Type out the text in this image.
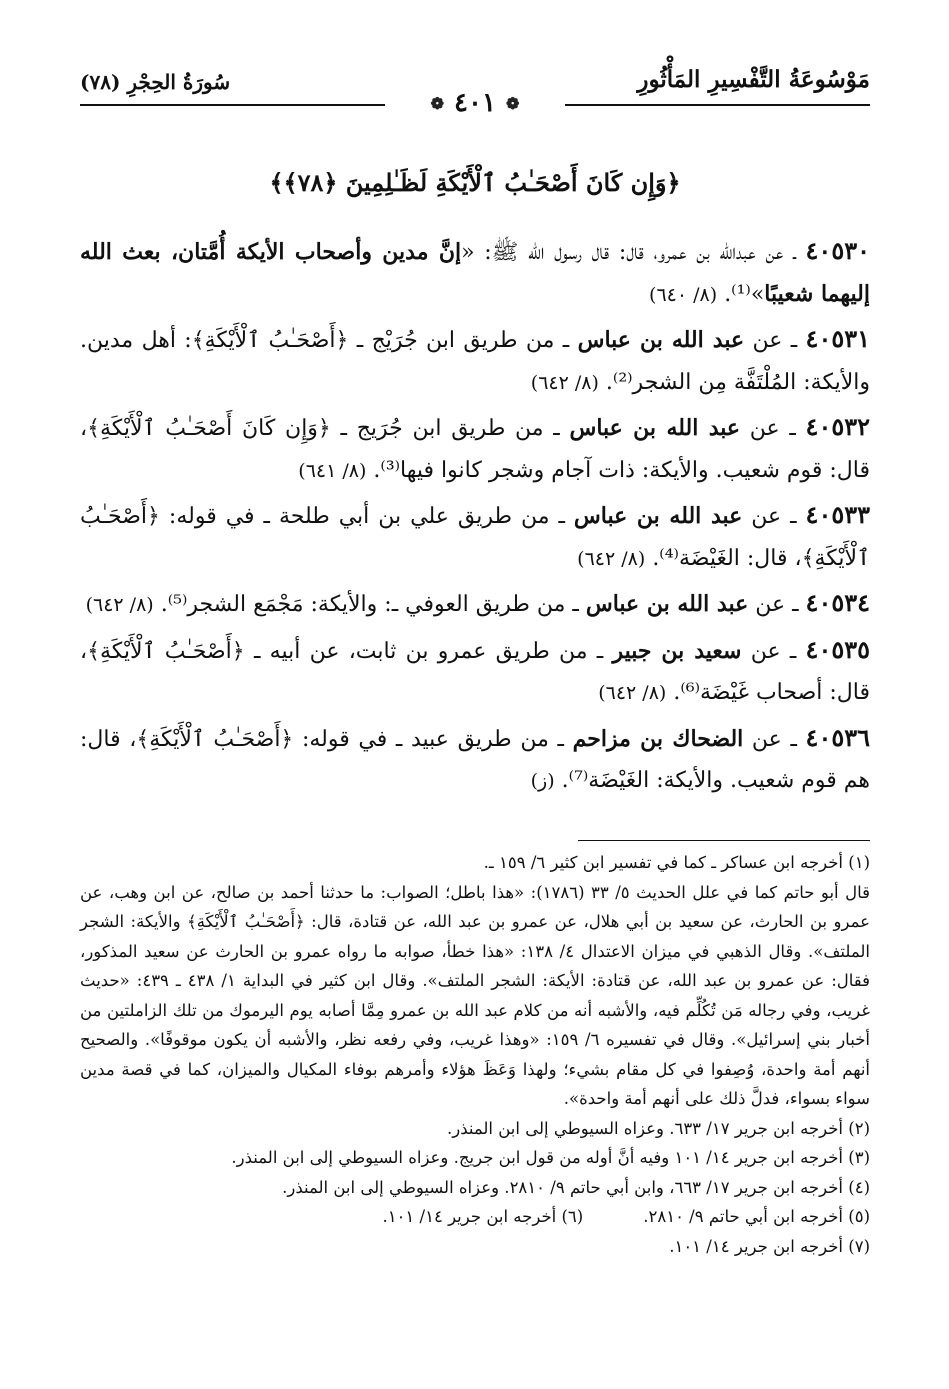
مَوْسُوعَةُ التَّفْسِيرِ المَأْثُورِ
❁
٤٠١
❁
سُورَةُ الحِجْرِ (٧٨)
﴿وَإِن كَانَ أَصْحَـٰبُ ٱلْأَيْكَةِ لَظَـٰلِمِينَ ﴿٧٨﴾﴾

٤٠٥٣٠ ـ عن عبدالله بن عمرو، قال: قال رسول الله ﷺ: «إنَّ مدين وأصحاب الأيكة أُمَّتان، بعث الله إليهما شعيبًا»⁽¹⁾. (٨/ ٦٤٠)

٤٠٥٣١ ـ عن عبد الله بن عباس ـ من طريق ابن جُرَيْج ـ ﴿أَصْحَـٰبُ ٱلْأَيْكَةِ﴾: أهل مدين. والأيكة: المُلْتَفَّة مِن الشجر⁽²⁾. (٨/ ٦٤٢)

٤٠٥٣٢ ـ عن عبد الله بن عباس ـ من طريق ابن جُرَيج ـ ﴿وَإِن كَانَ أَصْحَـٰبُ ٱلْأَيْكَةِ﴾، قال: قوم شعيب. والأيكة: ذات آجام وشجر كانوا فيها⁽³⁾. (٨/ ٦٤١)

٤٠٥٣٣ ـ عن عبد الله بن عباس ـ من طريق علي بن أبي طلحة ـ في قوله: ﴿أَصْحَـٰبُ ٱلْأَيْكَةِ﴾، قال: الغَيْضَة⁽⁴⁾. (٨/ ٦٤٢)

٤٠٥٣٤ ـ عن عبد الله بن عباس ـ من طريق العوفي ـ: والأيكة: مَجْمَع الشجر⁽⁵⁾. (٨/ ٦٤٢)

٤٠٥٣٥ ـ عن سعيد بن جبير ـ من طريق عمرو بن ثابت، عن أبيه ـ ﴿أَصْحَـٰبُ ٱلْأَيْكَةِ﴾، قال: أصحاب غَيْضَة⁽⁶⁾. (٨/ ٦٤٢)

٤٠٥٣٦ ـ عن الضحاك بن مزاحم ـ من طريق عبيد ـ في قوله: ﴿أَصْحَـٰبُ ٱلْأَيْكَةِ﴾، قال: هم قوم شعيب. والأيكة: الغَيْضَة⁽⁷⁾. (ز)

(١) أخرجه ابن عساكر ـ كما في تفسير ابن كثير ٦/ ١٥٩ ـ.

قال أبو حاتم كما في علل الحديث ٥/ ٣٣ (١٧٨٦): «هذا باطل؛ الصواب: ما حدثنا أحمد بن صالح، عن ابن وهب، عن عمرو بن الحارث، عن سعيد بن أبي هلال، عن عمرو بن عبد الله، عن قتادة، قال: ﴿أَصْحَـٰبُ ٱلْأَيْكَةِ﴾ والأيكة: الشجر الملتف». وقال الذهبي في ميزان الاعتدال ٤/ ١٣٨: «هذا خطأ، صوابه ما رواه عمرو بن الحارث عن سعيد المذكور، فقال: عن عمرو بن عبد الله، عن قتادة: الأيكة: الشجر الملتف». وقال ابن كثير في البداية ١/ ٤٣٨ ـ ٤٣٩: «حديث غريب، وفي رجاله مَن تُكُلِّم فيه، والأشبه أنه من كلام عبد الله بن عمرو مِمَّا أصابه يوم اليرموك من تلك الزاملتين من أخبار بني إسرائيل». وقال في تفسيره ٦/ ١٥٩: «وهذا غريب، وفي رفعه نظر، والأشبه أن يكون موقوفًا». والصحيح أنهم أمة واحدة، وُصِفوا في كل مقام بشيء؛ ولهذا وَعَظَ هؤلاء وأمرهم بوفاء المكيال والميزان، كما في قصة مدين سواء بسواء، فدلَّ ذلك على أنهم أمة واحدة».

(٢) أخرجه ابن جرير ١٧/ ٦٣٣. وعزاه السيوطي إلى ابن المنذر.

(٣) أخرجه ابن جرير ١٤/ ١٠١ وفيه أنَّ أوله من قول ابن جريج. وعزاه السيوطي إلى ابن المنذر.

(٤) أخرجه ابن جرير ١٧/ ٦٦٣، وابن أبي حاتم ٩/ ٢٨١٠. وعزاه السيوطي إلى ابن المنذر.

(٥) أخرجه ابن أبي حاتم ٩/ ٢٨١٠.
(٦) أخرجه ابن جرير ١٤/ ١٠١.

(٧) أخرجه ابن جرير ١٤/ ١٠١.
